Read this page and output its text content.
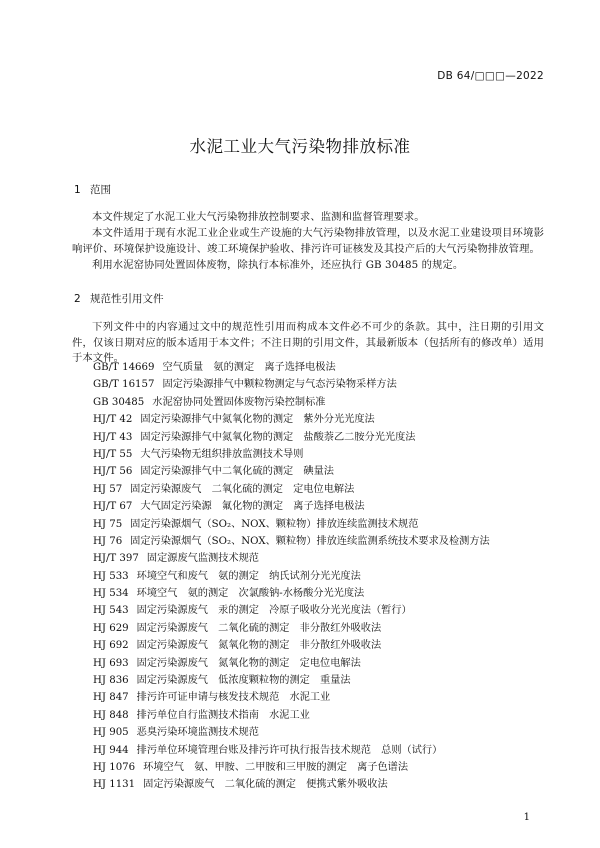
DB 64/□□□—2022
水泥工业大气污染物排放标准
1 范围
本文件规定了水泥工业大气污染物排放控制要求、监测和监督管理要求。
本文件适用于现有水泥工业企业或生产设施的大气污染物排放管理，以及水泥工业建设项目环境影响评价、环境保护设施设计、竣工环境保护验收、排污许可证核发及其投产后的大气污染物排放管理。
利用水泥窑协同处置固体废物，除执行本标准外，还应执行 GB 30485 的规定。
2 规范性引用文件
下列文件中的内容通过文中的规范性引用而构成本文件必不可少的条款。其中，注日期的引用文件，仅该日期对应的版本适用于本文件；不注日期的引用文件，其最新版本（包括所有的修改单）适用于本文件。
GB/T 14669 空气质量　氨的测定　离子选择电极法
GB/T 16157 固定污染源排气中颗粒物测定与气态污染物采样方法
GB 30485 水泥窑协同处置固体废物污染控制标准
HJ/T 42 固定污染源排气中氮氧化物的测定　紫外分光光度法
HJ/T 43 固定污染源排气中氮氧化物的测定　盐酸萘乙二胺分光光度法
HJ/T 55 大气污染物无组织排放监测技术导则
HJ/T 56 固定污染源排气中二氧化硫的测定　碘量法
HJ 57 固定污染源废气　二氧化硫的测定　定电位电解法
HJ/T 67 大气固定污染源　氟化物的测定　离子选择电极法
HJ 75 固定污染源烟气（SO₂、NOX、颗粒物）排放连续监测技术规范
HJ 76 固定污染源烟气（SO₂、NOX、颗粒物）排放连续监测系统技术要求及检测方法
HJ/T 397 固定源废气监测技术规范
HJ 533 环境空气和废气　氨的测定　纳氏试剂分光光度法
HJ 534 环境空气　氨的测定　次氯酸钠-水杨酸分光光度法
HJ 543 固定污染源废气　汞的测定　冷原子吸收分光光度法（暂行）
HJ 629 固定污染源废气　二氧化硫的测定　非分散红外吸收法
HJ 692 固定污染源废气　氮氧化物的测定　非分散红外吸收法
HJ 693 固定污染源废气　氮氧化物的测定　定电位电解法
HJ 836 固定污染源废气　低浓度颗粒物的测定　重量法
HJ 847 排污许可证申请与核发技术规范　水泥工业
HJ 848 排污单位自行监测技术指南　水泥工业
HJ 905 恶臭污染环境监测技术规范
HJ 944 排污单位环境管理台账及排污许可执行报告技术规范　总则（试行）
HJ 1076 环境空气　氨、甲胺、二甲胺和三甲胺的测定　离子色谱法
HJ 1131 固定污染源废气　二氧化硫的测定　便携式紫外吸收法
1
